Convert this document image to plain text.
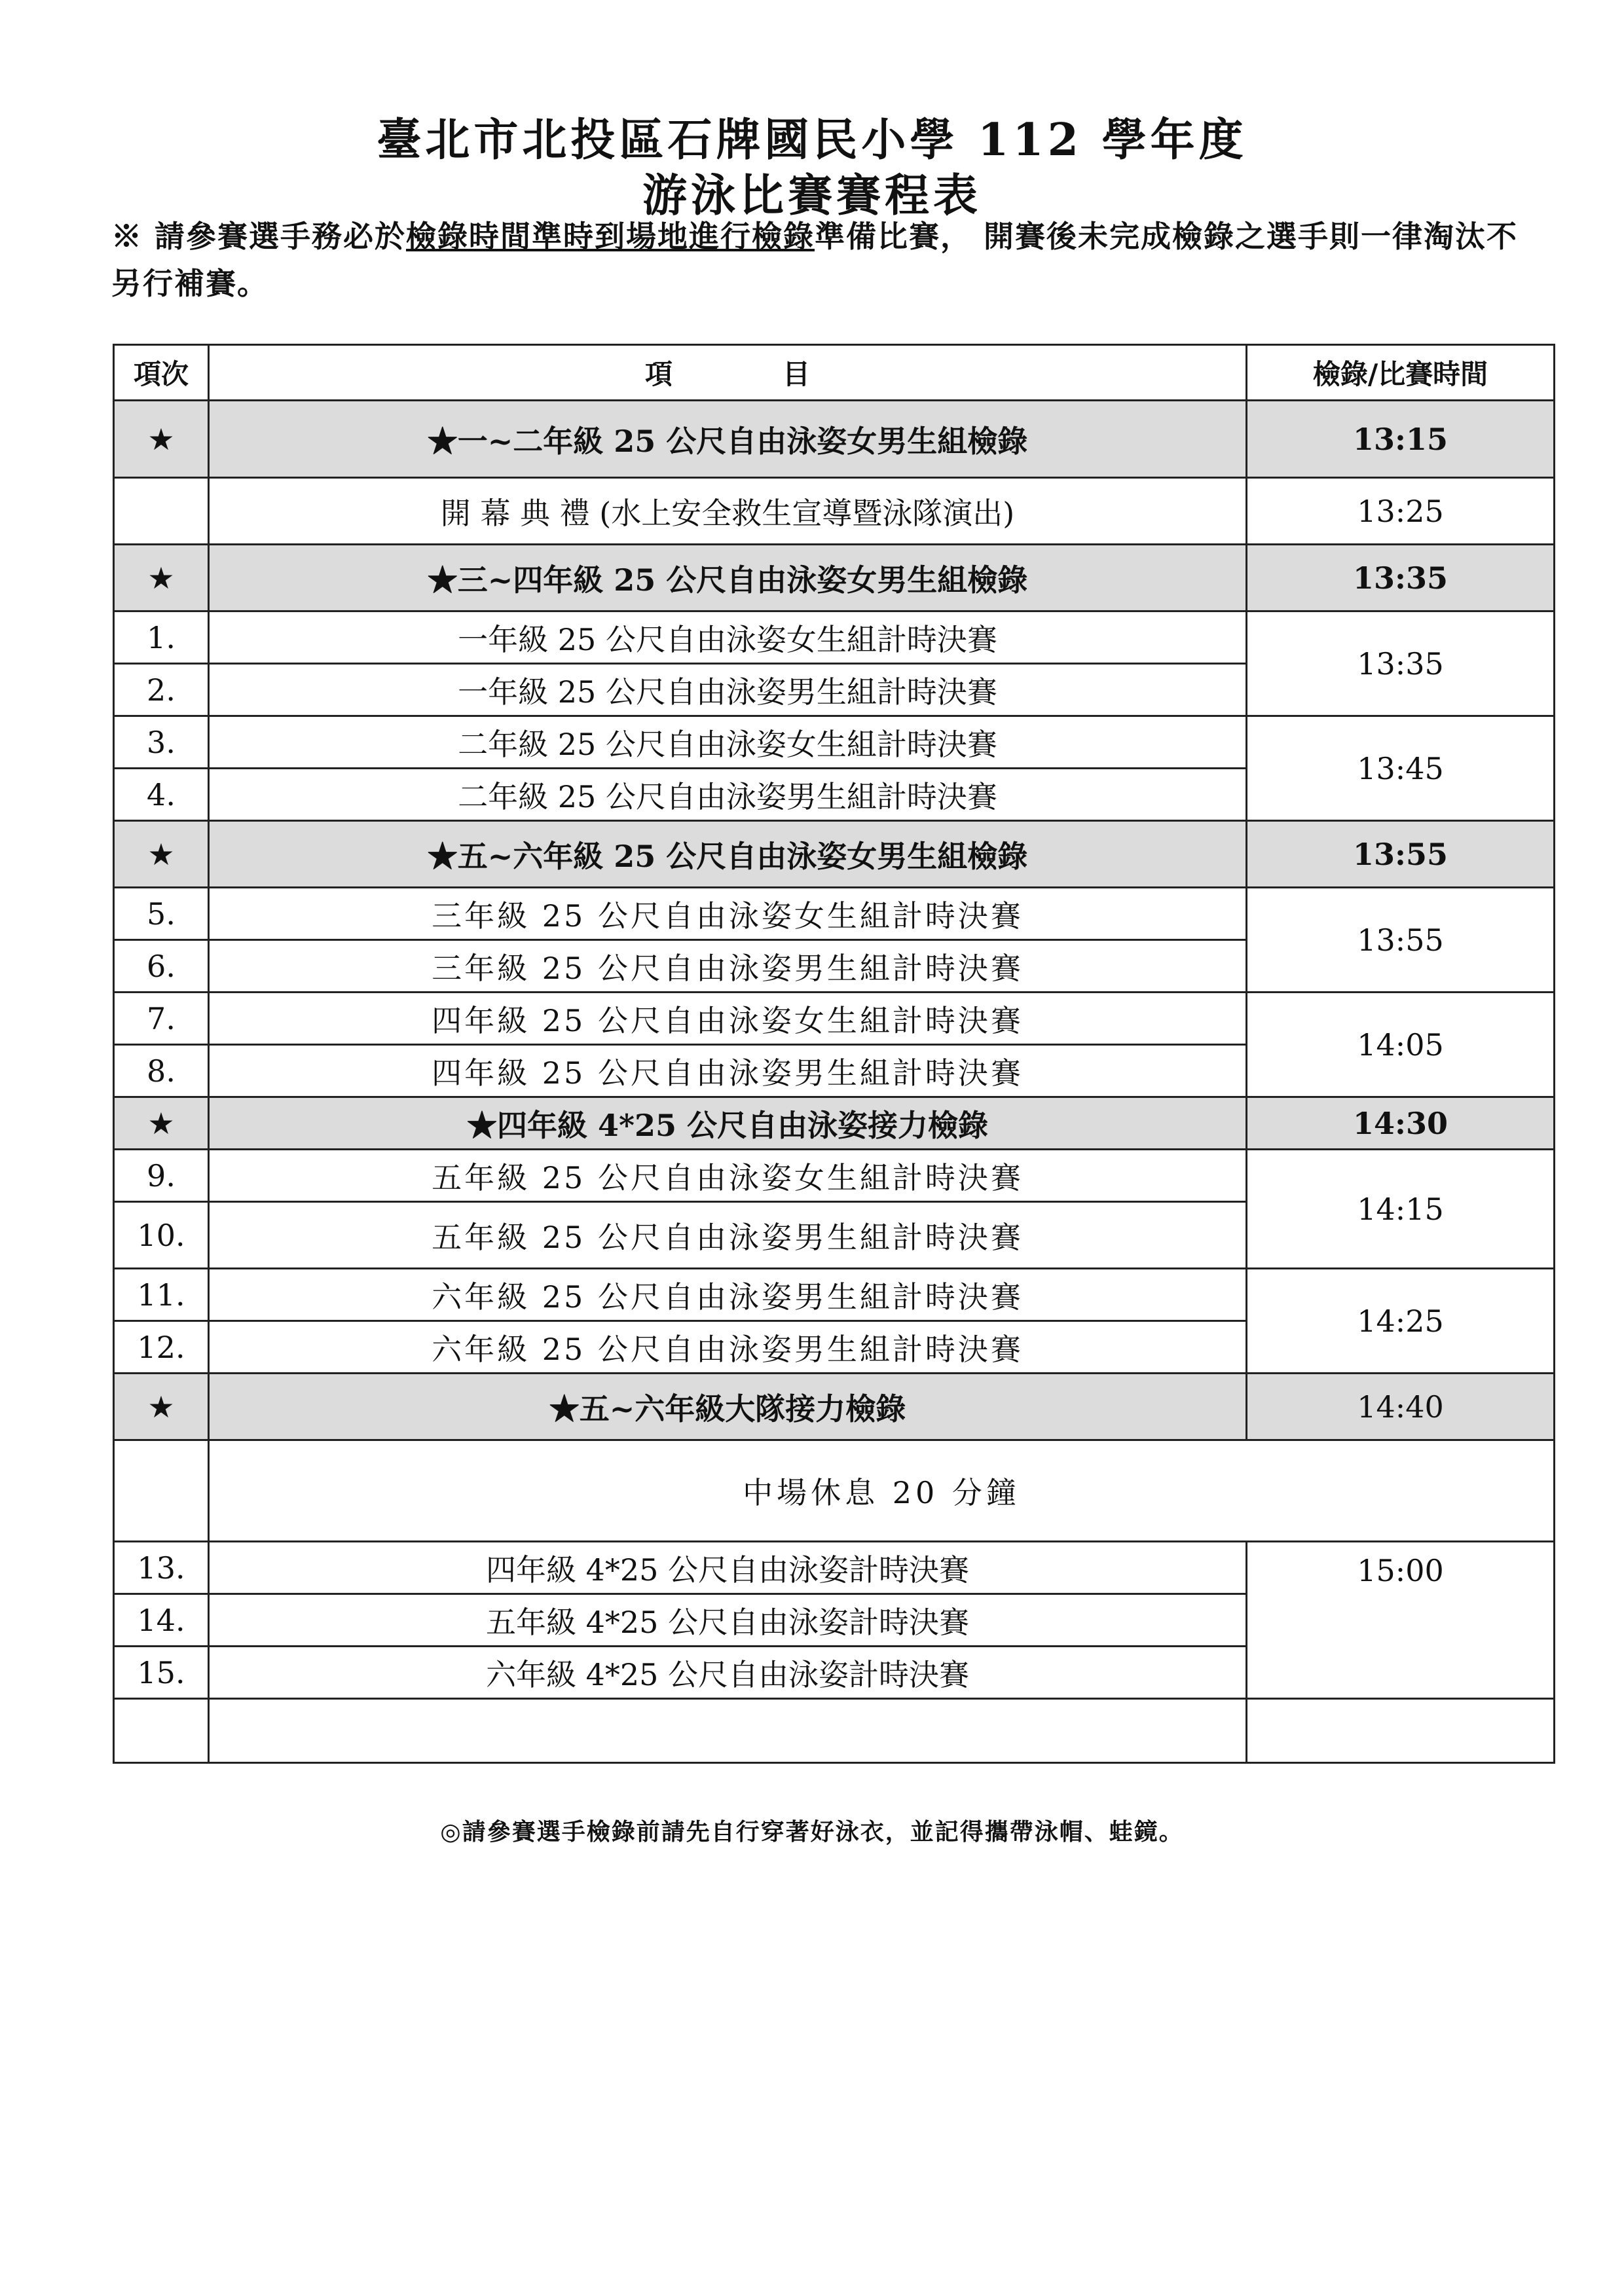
臺北市北投區石牌國民小學 112 學年度
游泳比賽賽程表
※ 請參賽選手務必於檢錄時間準時到場地進行檢錄準備比賽， 開賽後未完成檢錄之選手則一律淘汰不另行補賽。
項次	項　　　　目	檢錄/比賽時間
★	★一~二年級 25 公尺自由泳姿女男生組檢錄	13:15
	開 幕 典 禮 (水上安全救生宣導暨泳隊演出)	13:25
★	★三~四年級 25 公尺自由泳姿女男生組檢錄	13:35
1.	一年級 25 公尺自由泳姿女生組計時決賽	13:35
2.	一年級 25 公尺自由泳姿男生組計時決賽	
3.	二年級 25 公尺自由泳姿女生組計時決賽	13:45
4.	二年級 25 公尺自由泳姿男生組計時決賽	
★	★五~六年級 25 公尺自由泳姿女男生組檢錄	13:55
5.	三年級 25 公尺自由泳姿女生組計時決賽	13:55
6.	三年級 25 公尺自由泳姿男生組計時決賽	
7.	四年級 25 公尺自由泳姿女生組計時決賽	14:05
8.	四年級 25 公尺自由泳姿男生組計時決賽	
★	★四年級 4*25 公尺自由泳姿接力檢錄	14:30
9.	五年級 25 公尺自由泳姿女生組計時決賽	14:15
10.	五年級 25 公尺自由泳姿男生組計時決賽	
11.	六年級 25 公尺自由泳姿男生組計時決賽	14:25
12.	六年級 25 公尺自由泳姿男生組計時決賽	
★	★五~六年級大隊接力檢錄	14:40
	中場休息 20 分鐘	
13.	四年級 4*25 公尺自由泳姿計時決賽	15:00
14.	五年級 4*25 公尺自由泳姿計時決賽	
15.	六年級 4*25 公尺自由泳姿計時決賽	

◎請參賽選手檢錄前請先自行穿著好泳衣，並記得攜帶泳帽、蛙鏡。
